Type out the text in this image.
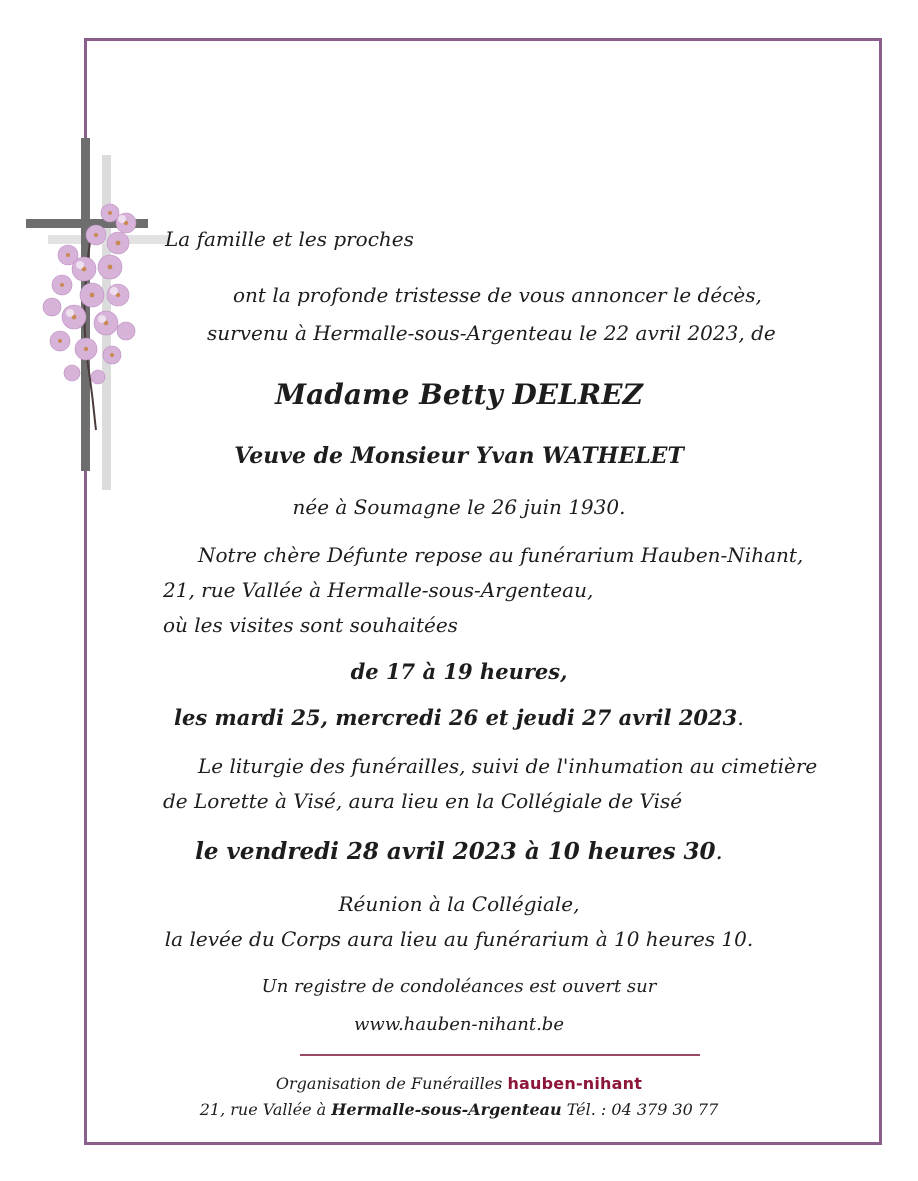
La famille et les proches
ont la profonde tristesse de vous annoncer le décès,
survenu à Hermalle-sous-Argenteau le 22 avril 2023, de
Madame Betty DELREZ
Veuve de Monsieur Yvan WATHELET
née à Soumagne le 26 juin 1930.
Notre chère Défunte repose au funérarium Hauben-Nihant,
21, rue Vallée à Hermalle-sous-Argenteau,
où les visites sont souhaitées
de 17 à 19 heures,
les mardi 25, mercredi 26 et jeudi 27 avril 2023.
Le liturgie des funérailles, suivi de l'inhumation au cimetière
de Lorette à Visé, aura lieu en la Collégiale de Visé
le vendredi 28 avril 2023 à 10 heures 30.
Réunion à la Collégiale,
la levée du Corps aura lieu au funérarium à 10 heures 10.
Un registre de condoléances est ouvert sur
www.hauben-nihant.be
Organisation de Funérailles hauben-nihant
21, rue Vallée à Hermalle-sous-Argenteau Tél. : 04 379 30 77
